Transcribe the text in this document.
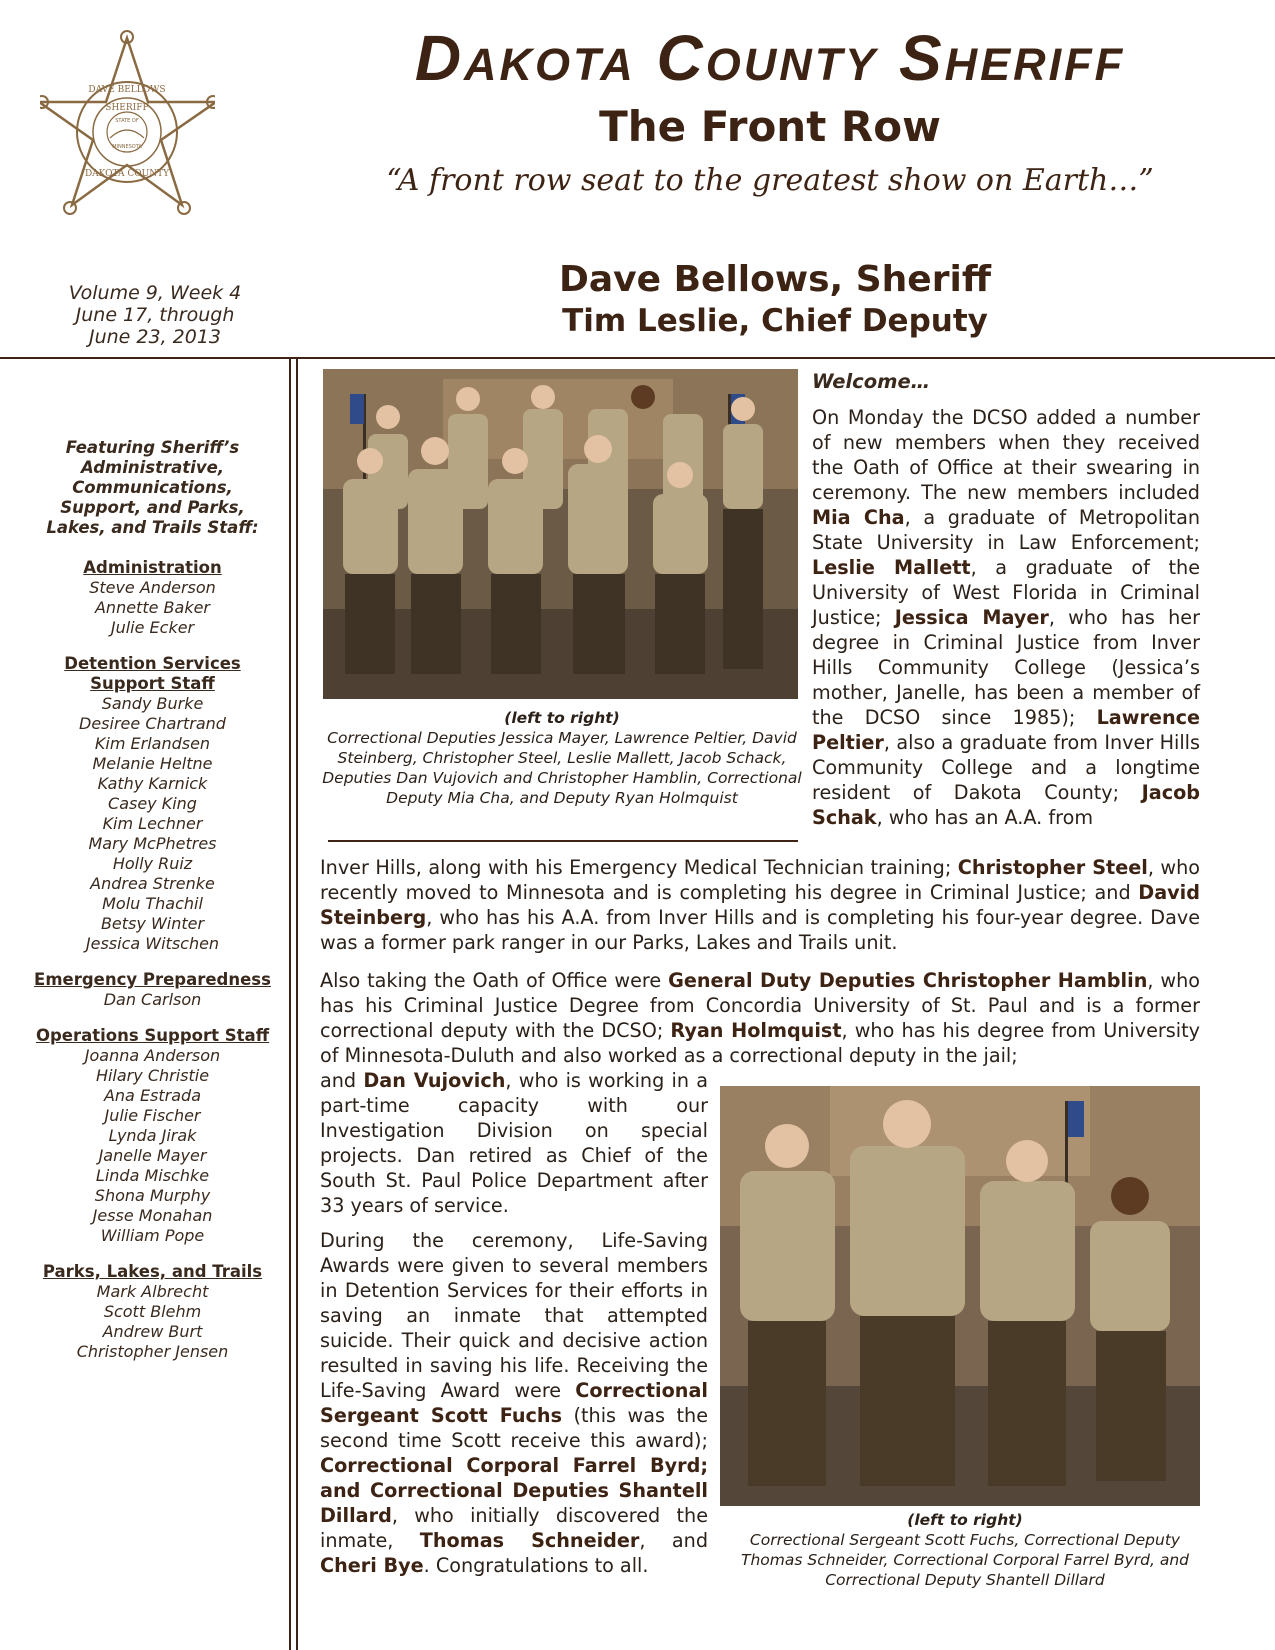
DAVE BELLOWS
SHERIFF
STATE OF
MINNESOTA
DAKOTA COUNTY
Dakota County Sheriff
The Front Row
“A front row seat to the greatest show on Earth…”
Volume 9, Week 4
June 17, through
June 23, 2013
Dave Bellows, Sheriff
Tim Leslie, Chief Deputy
Featuring Sheriff’s Administrative, Communications, Support, and Parks, Lakes, and Trails Staff:
Administration
Steve Anderson
Annette Baker
Julie Ecker
Detention Services Support Staff
Sandy Burke
Desiree Chartrand
Kim Erlandsen
Melanie Heltne
Kathy Karnick
Casey King
Kim Lechner
Mary McPhetres
Holly Ruiz
Andrea Strenke
Molu Thachil
Betsy Winter
Jessica Witschen
Emergency Preparedness
Dan Carlson
Operations Support Staff
Joanna Anderson
Hilary Christie
Ana Estrada
Julie Fischer
Lynda Jirak
Janelle Mayer
Linda Mischke
Shona Murphy
Jesse Monahan
William Pope
Parks, Lakes, and Trails
Mark Albrecht
Scott Blehm
Andrew Burt
Christopher Jensen
(left to right)
Correctional Deputies Jessica Mayer, Lawrence Peltier, David Steinberg, Christopher Steel, Leslie Mallett, Jacob Schack, Deputies Dan Vujovich and Christopher Hamblin, Correctional Deputy Mia Cha, and Deputy Ryan Holmquist
Welcome…

On Monday the DCSO added a number of new members when they received the Oath of Office at their swearing in ceremony. The new members included Mia Cha, a graduate of Metropolitan State University in Law Enforcement; Leslie Mallett, a graduate of the University of West Florida in Criminal Justice; Jessica Mayer, who has her degree in Criminal Justice from Inver Hills Community College (Jessica’s mother, Janelle, has been a member of the DCSO since 1985); Lawrence Peltier, also a graduate from Inver Hills Community College and a longtime resident of Dakota County; Jacob Schak, who has an A.A. from

Inver Hills, along with his Emergency Medical Technician training; Christopher Steel, who recently moved to Minnesota and is completing his degree in Criminal Justice; and David Steinberg, who has his A.A. from Inver Hills and is completing his four-year degree. Dave was a former park ranger in our Parks, Lakes and Trails unit.

Also taking the Oath of Office were General Duty Deputies Christopher Hamblin, who has his Criminal Justice Degree from Concordia University of St. Paul and is a former correctional deputy with the DCSO; Ryan Holmquist, who has his degree from University of Minnesota-Duluth and also worked as a correctional deputy in the jail;

and Dan Vujovich, who is working in a part-time capacity with our Investigation Division on special projects. Dan retired as Chief of the South St. Paul Police Department after 33 years of service.

During the ceremony, Life-Saving Awards were given to several members in Detention Services for their efforts in saving an inmate that attempted suicide. Their quick and decisive action resulted in saving his life. Receiving the Life-Saving Award were Correctional Sergeant Scott Fuchs (this was the second time Scott receive this award); Correctional Corporal Farrel Byrd; and Correctional Deputies Shantell Dillard, who initially discovered the inmate, Thomas Schneider, and Cheri Bye. Congratulations to all.

(left to right)
Correctional Sergeant Scott Fuchs, Correctional Deputy Thomas Schneider, Correctional Corporal Farrel Byrd, and Correctional Deputy Shantell Dillard
